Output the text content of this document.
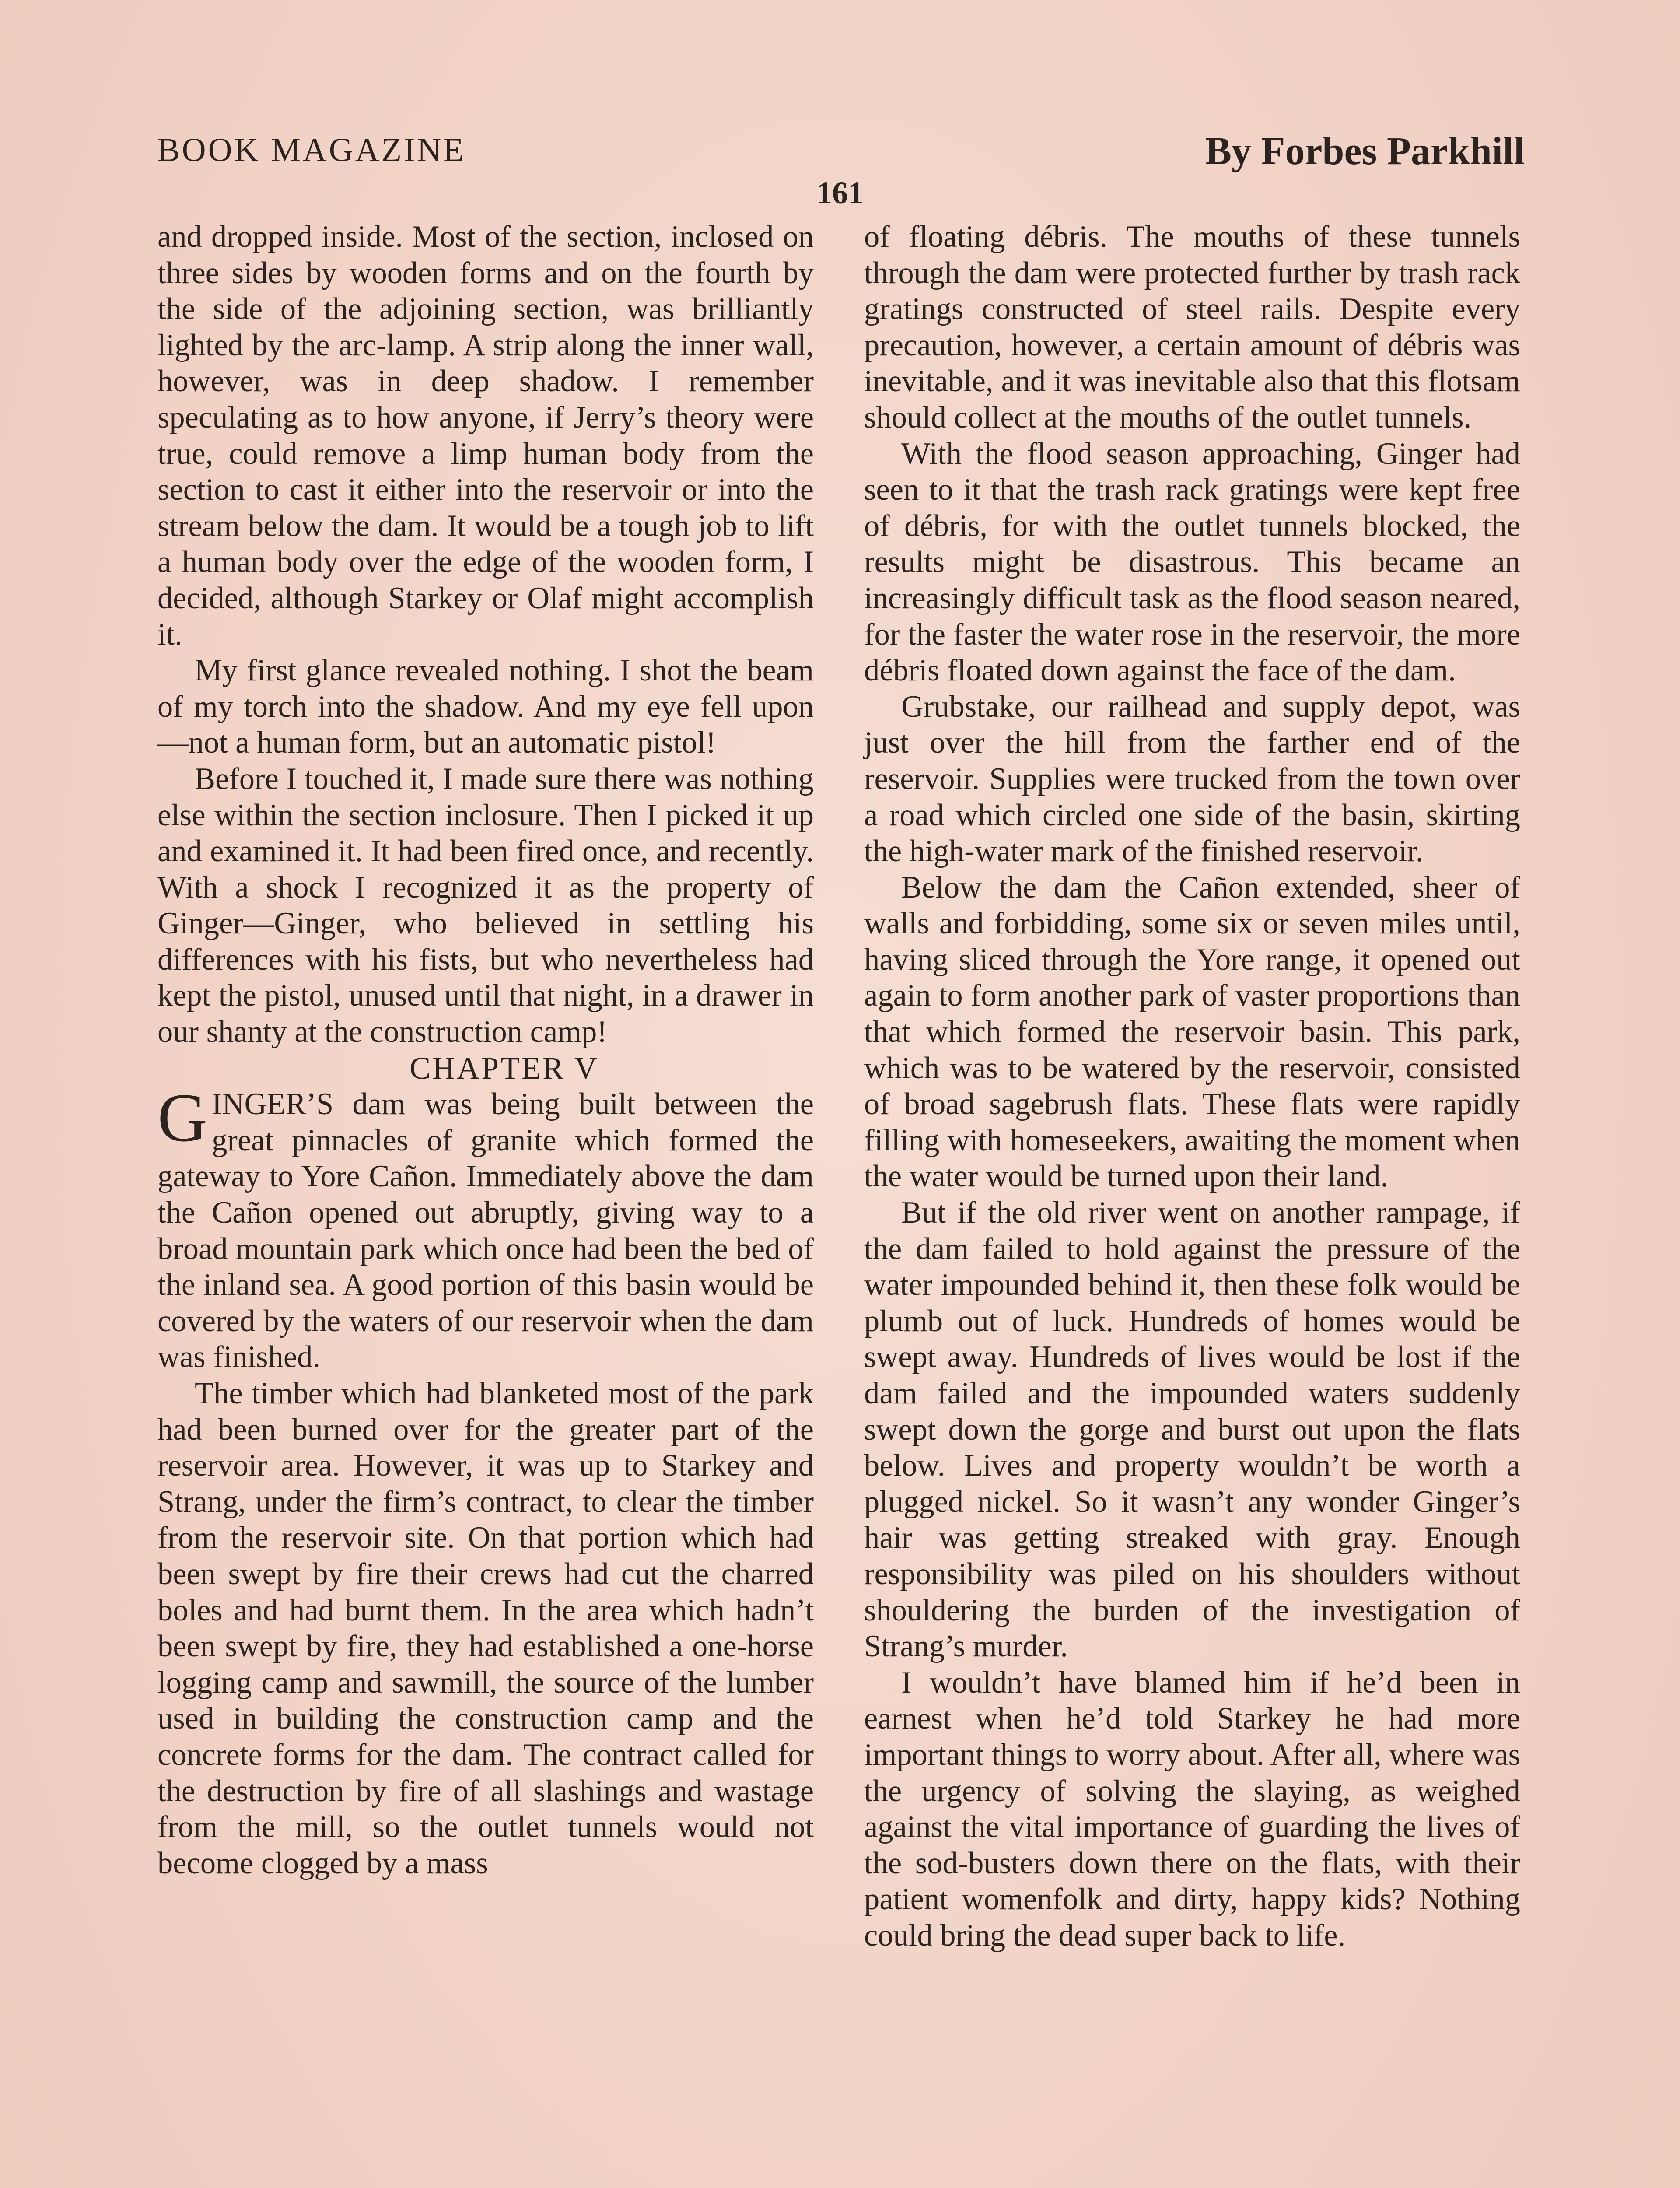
BOOK MAGAZINE	By Forbes Parkhill
161

and dropped inside. Most of the section, inclosed on three sides by wooden forms and on the fourth by the side of the adjoining section, was brilliantly lighted by the arc-lamp. A strip along the inner wall, however, was in deep shadow. I remember speculating as to how anyone, if Jerry’s theory were true, could remove a limp human body from the section to cast it either into the reservoir or into the stream below the dam. It would be a tough job to lift a human body over the edge of the wooden form, I decided, although Starkey or Olaf might accomplish it.

My first glance revealed nothing. I shot the beam of my torch into the shadow. And my eye fell upon—not a human form, but an automatic pistol!

Before I touched it, I made sure there was nothing else within the section inclosure. Then I picked it up and examined it. It had been fired once, and recently. With a shock I recognized it as the property of Ginger—Ginger, who believed in settling his differences with his fists, but who nevertheless had kept the pistol, unused until that night, in a drawer in our shanty at the construction camp!

CHAPTER V

GINGER’S dam was being built between the great pinnacles of granite which formed the gateway to Yore Cañon. Immediately above the dam the Cañon opened out abruptly, giving way to a broad mountain park which once had been the bed of the inland sea. A good portion of this basin would be covered by the waters of our reservoir when the dam was finished.

The timber which had blanketed most of the park had been burned over for the greater part of the reservoir area. However, it was up to Starkey and Strang, under the firm’s contract, to clear the timber from the reservoir site. On that portion which had been swept by fire their crews had cut the charred boles and had burnt them. In the area which hadn’t been swept by fire, they had established a one-horse logging camp and sawmill, the source of the lumber used in building the construction camp and the concrete forms for the dam. The contract called for the destruction by fire of all slashings and wastage from the mill, so the outlet tunnels would not become clogged by a mass

of floating débris. The mouths of these tunnels through the dam were protected further by trash rack gratings constructed of steel rails. Despite every precaution, however, a certain amount of débris was inevitable, and it was inevitable also that this flotsam should collect at the mouths of the outlet tunnels.

With the flood season approaching, Ginger had seen to it that the trash rack gratings were kept free of débris, for with the outlet tunnels blocked, the results might be disastrous. This became an increasingly difficult task as the flood season neared, for the faster the water rose in the reservoir, the more débris floated down against the face of the dam.

Grubstake, our railhead and supply depot, was just over the hill from the farther end of the reservoir. Supplies were trucked from the town over a road which circled one side of the basin, skirting the high-water mark of the finished reservoir.

Below the dam the Cañon extended, sheer of walls and forbidding, some six or seven miles until, having sliced through the Yore range, it opened out again to form another park of vaster proportions than that which formed the reservoir basin. This park, which was to be watered by the reservoir, consisted of broad sagebrush flats. These flats were rapidly filling with homeseekers, awaiting the moment when the water would be turned upon their land.

But if the old river went on another rampage, if the dam failed to hold against the pressure of the water impounded behind it, then these folk would be plumb out of luck. Hundreds of homes would be swept away. Hundreds of lives would be lost if the dam failed and the impounded waters suddenly swept down the gorge and burst out upon the flats below. Lives and property wouldn’t be worth a plugged nickel. So it wasn’t any wonder Ginger’s hair was getting streaked with gray. Enough responsibility was piled on his shoulders without shouldering the burden of the investigation of Strang’s murder.

I wouldn’t have blamed him if he’d been in earnest when he’d told Starkey he had more important things to worry about. After all, where was the urgency of solving the slaying, as weighed against the vital importance of guarding the lives of the sod-busters down there on the flats, with their patient womenfolk and dirty, happy kids? Nothing could bring the dead super back to life.
